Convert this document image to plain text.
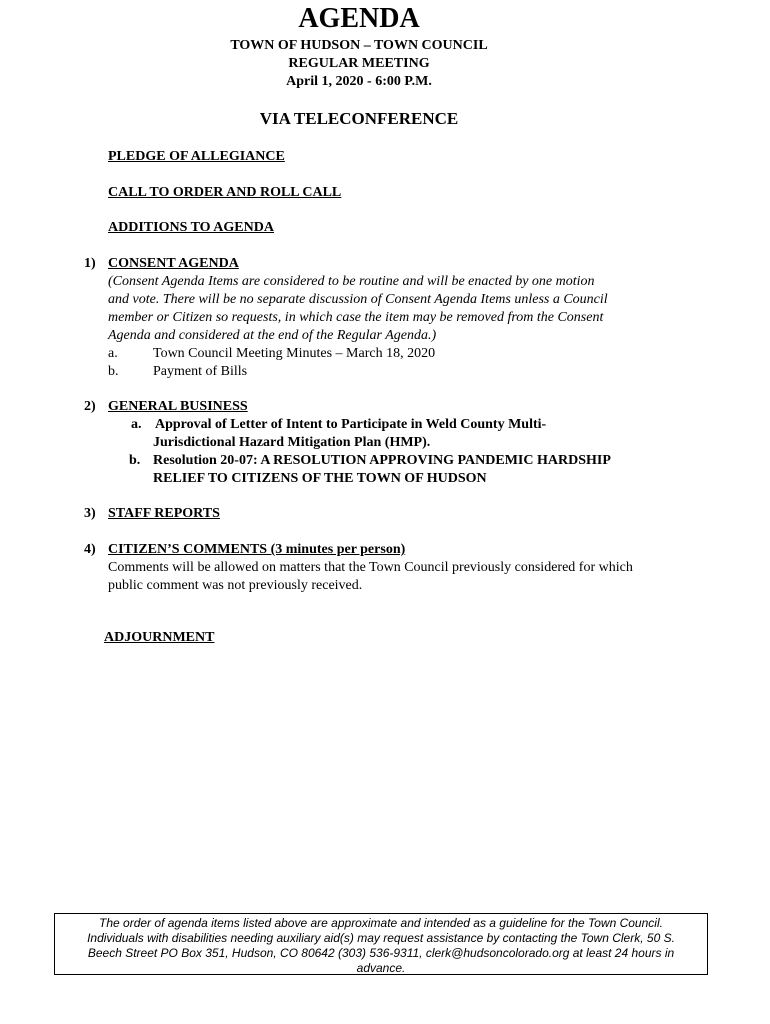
AGENDA
TOWN OF HUDSON – TOWN COUNCIL
REGULAR MEETING
April 1, 2020 - 6:00 P.M.
VIA TELECONFERENCE
PLEDGE OF ALLEGIANCE
CALL TO ORDER AND ROLL CALL
ADDITIONS TO AGENDA
1) CONSENT AGENDA
(Consent Agenda Items are considered to be routine and will be enacted by one motion
and vote. There will be no separate discussion of Consent Agenda Items unless a Council
member or Citizen so requests, in which case the item may be removed from the Consent
Agenda and considered at the end of the Regular Agenda.)
a.	Town Council Meeting Minutes – March 18, 2020
b. Payment of Bills
2) GENERAL BUSINESS
a. Approval of Letter of Intent to Participate in Weld County Multi-
Jurisdictional Hazard Mitigation Plan (HMP).
b. Resolution 20-07: A RESOLUTION APPROVING PANDEMIC HARDSHIP
RELIEF TO CITIZENS OF THE TOWN OF HUDSON
3) STAFF REPORTS
4) CITIZEN’S COMMENTS (3 minutes per person)
Comments will be allowed on matters that the Town Council previously considered for which
public comment was not previously received.
ADJOURNMENT
The order of agenda items listed above are approximate and intended as a guideline for the Town Council.
Individuals with disabilities needing auxiliary aid(s) may request assistance by contacting the Town Clerk, 50 S.
Beech Street PO Box 351, Hudson, CO 80642 (303) 536-9311, clerk@hudsoncolorado.org at least 24 hours in
advance.
